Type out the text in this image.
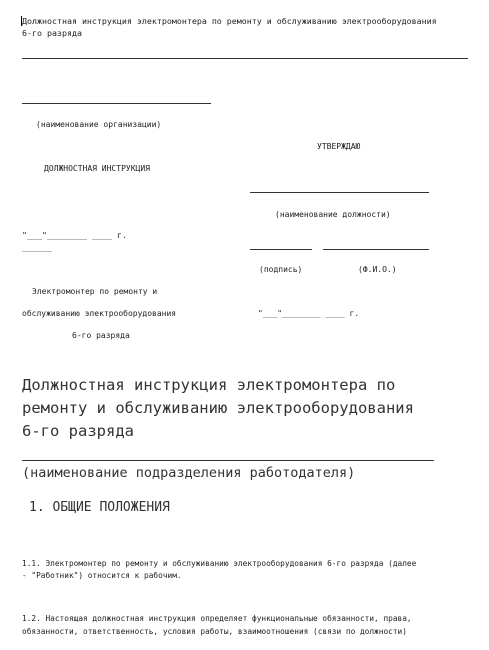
Должностная инструкция электромонтера по ремонту и обслуживанию электрооборудования
6-го разряда
(наименование организации)
УТВЕРЖДАЮ
ДОЛЖНОСТНАЯ ИНСТРУКЦИЯ
(наименование должности)
"___"________ ____ г.
______
(подпись)	(Ф.И.О.)
Электромонтер по ремонту и
обслуживанию электрооборудования	"___"________ ____ г.
6-го разряда
Должностная инструкция электромонтера по
ремонту и обслуживанию электрооборудования
6-го разряда
(наименование подразделения работодателя)
1. ОБЩИЕ ПОЛОЖЕНИЯ
1.1. Электромонтер по ремонту и обслуживанию электрооборудования 6-го разряда (далее
- "Работник") относится к рабочим.
1.2. Настоящая должностная инструкция определяет функциональные обязанности, права,
обязанности, ответственность, условия работы, взаимоотношения (связи по должности)
